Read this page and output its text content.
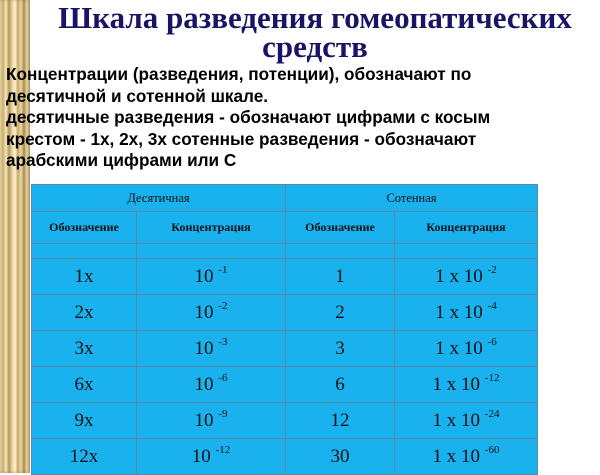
Шкала разведения гомеопатических
средств
Концентрации (разведения, потенции), обозначают по
десятичной и сотенной шкале.
десятичные разведения - обозначают цифрами с косым
крестом - 1х, 2х, 3х сотенные разведения - обозначают
арабскими цифрами или С
Десятичная		Сотенная	
Обозначение	Концентрация	Обозначение	Концентрация

1x	10 $^{-1}$	1	1 x 10 $^{-2}$
2x	10 $^{-2}$	2	1 x 10 $^{-4}$
3x	10 $^{-3}$	3	1 x 10 $^{-6}$
6x	10 $^{-6}$	6	1 x 10 $^{-12}$
9x	10 $^{-9}$	12	1 x 10 $^{-24}$
12x	10 $^{-12}$	30	1 x 10 $^{-60}$
